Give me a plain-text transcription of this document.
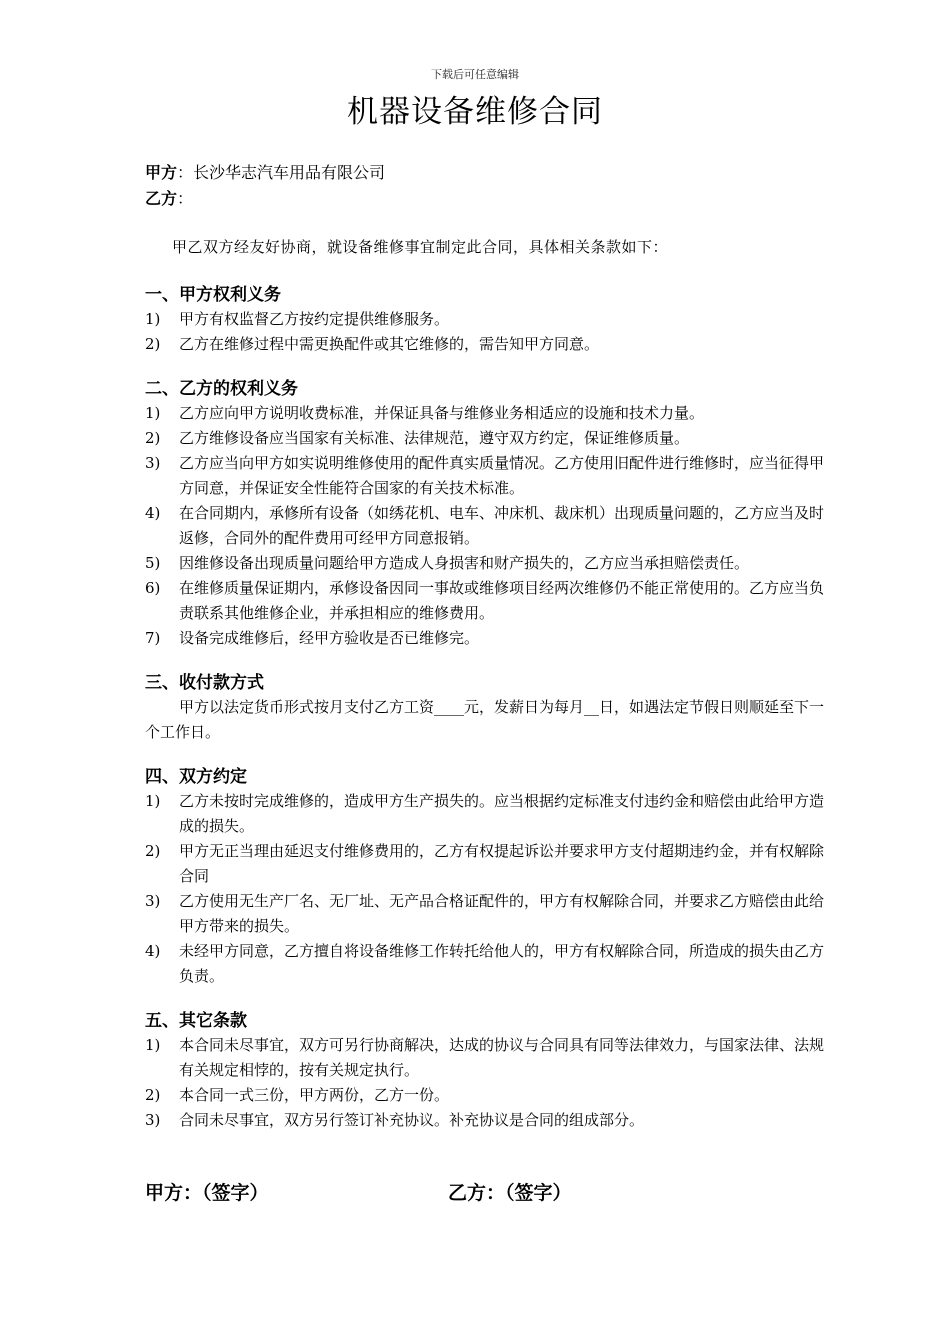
下载后可任意编辑
机器设备维修合同
甲方：长沙华志汽车用品有限公司
乙方：
甲乙双方经友好协商，就设备维修事宜制定此合同，具体相关条款如下：
一、甲方权利义务
1)	甲方有权监督乙方按约定提供维修服务。
2)	乙方在维修过程中需更换配件或其它维修的，需告知甲方同意。
二、乙方的权利义务
1)	乙方应向甲方说明收费标准，并保证具备与维修业务相适应的设施和技术力量。
2)	乙方维修设备应当国家有关标准、法律规范，遵守双方约定，保证维修质量。
3)	乙方应当向甲方如实说明维修使用的配件真实质量情况。乙方使用旧配件进行维修时，应当征得甲方同意，并保证安全性能符合国家的有关技术标准。
4)	在合同期内，承修所有设备（如绣花机、电车、冲床机、裁床机）出现质量问题的，乙方应当及时返修，合同外的配件费用可经甲方同意报销。
5)	因维修设备出现质量问题给甲方造成人身损害和财产损失的，乙方应当承担赔偿责任。
6)	在维修质量保证期内，承修设备因同一事故或维修项目经两次维修仍不能正常使用的。乙方应当负责联系其他维修企业，并承担相应的维修费用。
7)	设备完成维修后，经甲方验收是否已维修完。
三、收付款方式
甲方以法定货币形式按月支付乙方工资____元，发薪日为每月__日，如遇法定节假日则顺延至下一个工作日。
四、双方约定
1)	乙方未按时完成维修的，造成甲方生产损失的。应当根据约定标准支付违约金和赔偿由此给甲方造成的损失。
2)	甲方无正当理由延迟支付维修费用的，乙方有权提起诉讼并要求甲方支付超期违约金，并有权解除合同
3)	乙方使用无生产厂名、无厂址、无产品合格证配件的，甲方有权解除合同，并要求乙方赔偿由此给甲方带来的损失。
4)	未经甲方同意，乙方擅自将设备维修工作转托给他人的，甲方有权解除合同，所造成的损失由乙方负责。
五、其它条款
1)	本合同未尽事宜，双方可另行协商解决，达成的协议与合同具有同等法律效力，与国家法律、法规有关规定相悖的，按有关规定执行。
2)	本合同一式三份，甲方两份，乙方一份。
3)	合同未尽事宜，双方另行签订补充协议。补充协议是合同的组成部分。
甲方：（签字）	乙方：（签字）
